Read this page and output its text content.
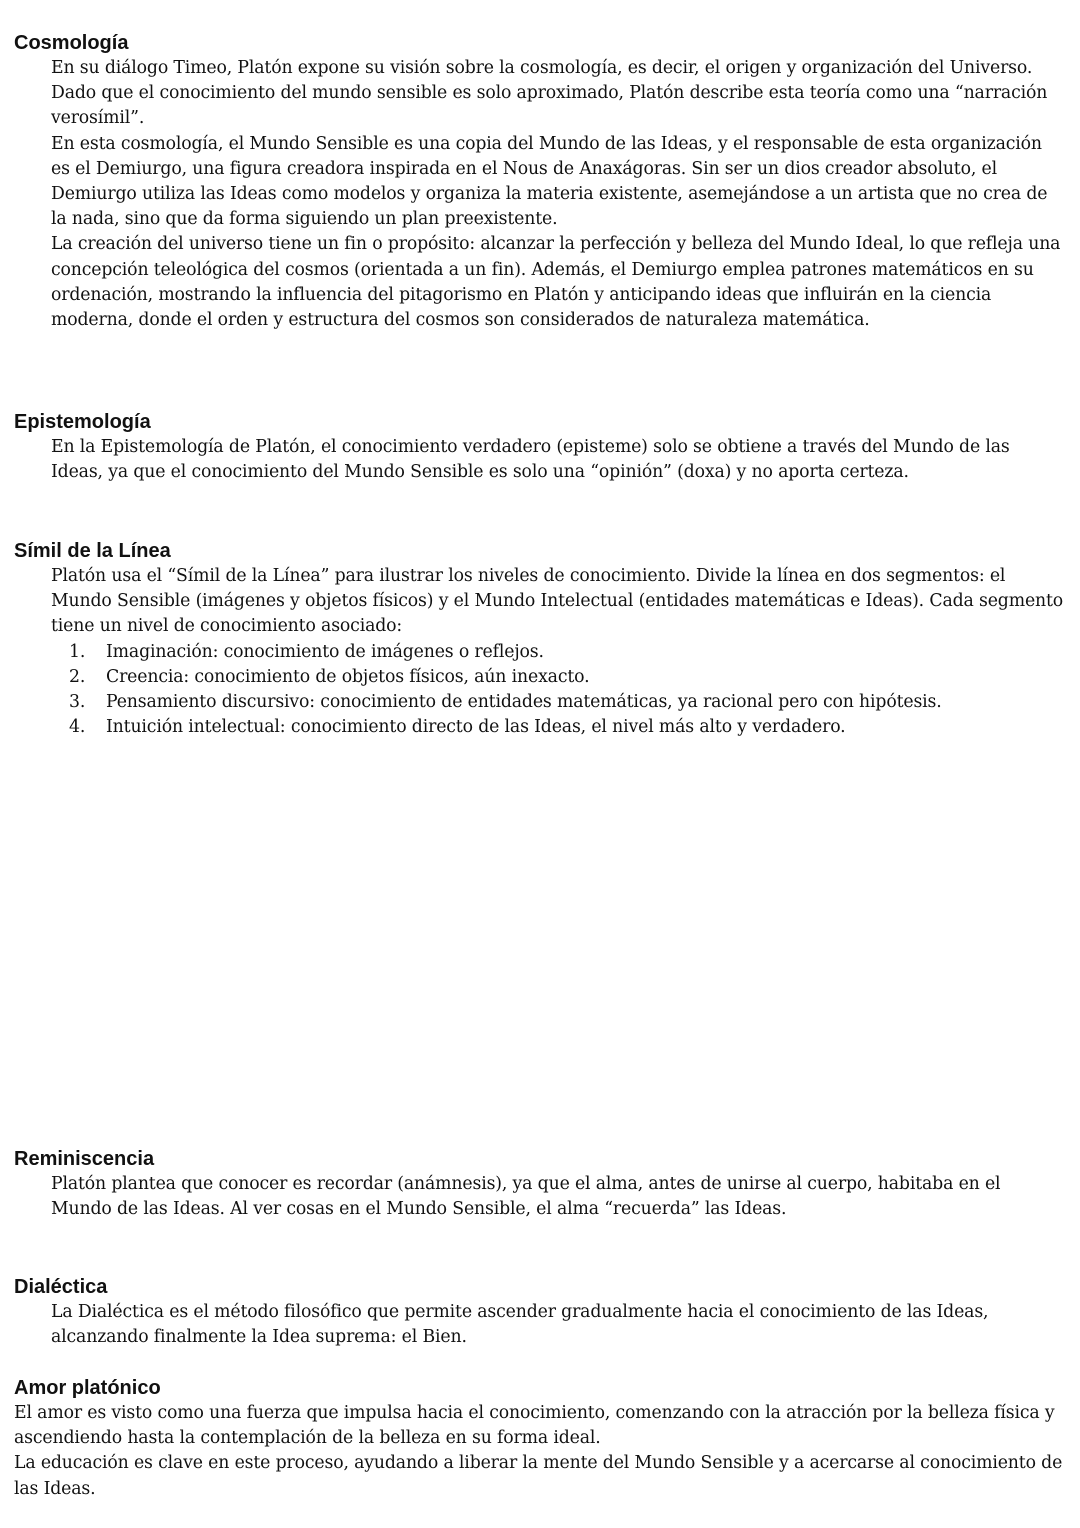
Cosmología

En su diálogo Timeo, Platón expone su visión sobre la cosmología, es decir, el origen y organización del Universo. Dado que el conocimiento del mundo sensible es solo aproximado, Platón describe esta teoría como una “narración verosímil”.

En esta cosmología, el Mundo Sensible es una copia del Mundo de las Ideas, y el responsable de esta organización es el Demiurgo, una figura creadora inspirada en el Nous de Anaxágoras. Sin ser un dios creador absoluto, el Demiurgo utiliza las Ideas como modelos y organiza la materia existente, asemejándose a un artista que no crea de la nada, sino que da forma siguiendo un plan preexistente.

La creación del universo tiene un fin o propósito: alcanzar la perfección y belleza del Mundo Ideal, lo que refleja una concepción teleológica del cosmos (orientada a un fin). Además, el Demiurgo emplea patrones matemáticos en su ordenación, mostrando la influencia del pitagorismo en Platón y anticipando ideas que influirán en la ciencia moderna, donde el orden y estructura del cosmos son considerados de naturaleza matemática.

Epistemología

En la Epistemología de Platón, el conocimiento verdadero (episteme) solo se obtiene a través del Mundo de las Ideas, ya que el conocimiento del Mundo Sensible es solo una “opinión” (doxa) y no aporta certeza.

Símil de la Línea

Platón usa el “Símil de la Línea” para ilustrar los niveles de conocimiento. Divide la línea en dos segmentos: el Mundo Sensible (imágenes y objetos físicos) y el Mundo Intelectual (entidades matemáticas e Ideas). Cada segmento tiene un nivel de conocimiento asociado:

1. Imaginación: conocimiento de imágenes o reflejos.
2. Creencia: conocimiento de objetos físicos, aún inexacto.
3. Pensamiento discursivo: conocimiento de entidades matemáticas, ya racional pero con hipótesis.
4. Intuición intelectual: conocimiento directo de las Ideas, el nivel más alto y verdadero.
Reminiscencia

Platón plantea que conocer es recordar (anámnesis), ya que el alma, antes de unirse al cuerpo, habitaba en el Mundo de las Ideas. Al ver cosas en el Mundo Sensible, el alma “recuerda” las Ideas.

Dialéctica

La Dialéctica es el método filosófico que permite ascender gradualmente hacia el conocimiento de las Ideas, alcanzando finalmente la Idea suprema: el Bien.

Amor platónico

El amor es visto como una fuerza que impulsa hacia el conocimiento, comenzando con la atracción por la belleza física y ascendiendo hasta la contemplación de la belleza en su forma ideal.

La educación es clave en este proceso, ayudando a liberar la mente del Mundo Sensible y a acercarse al conocimiento de las Ideas.
